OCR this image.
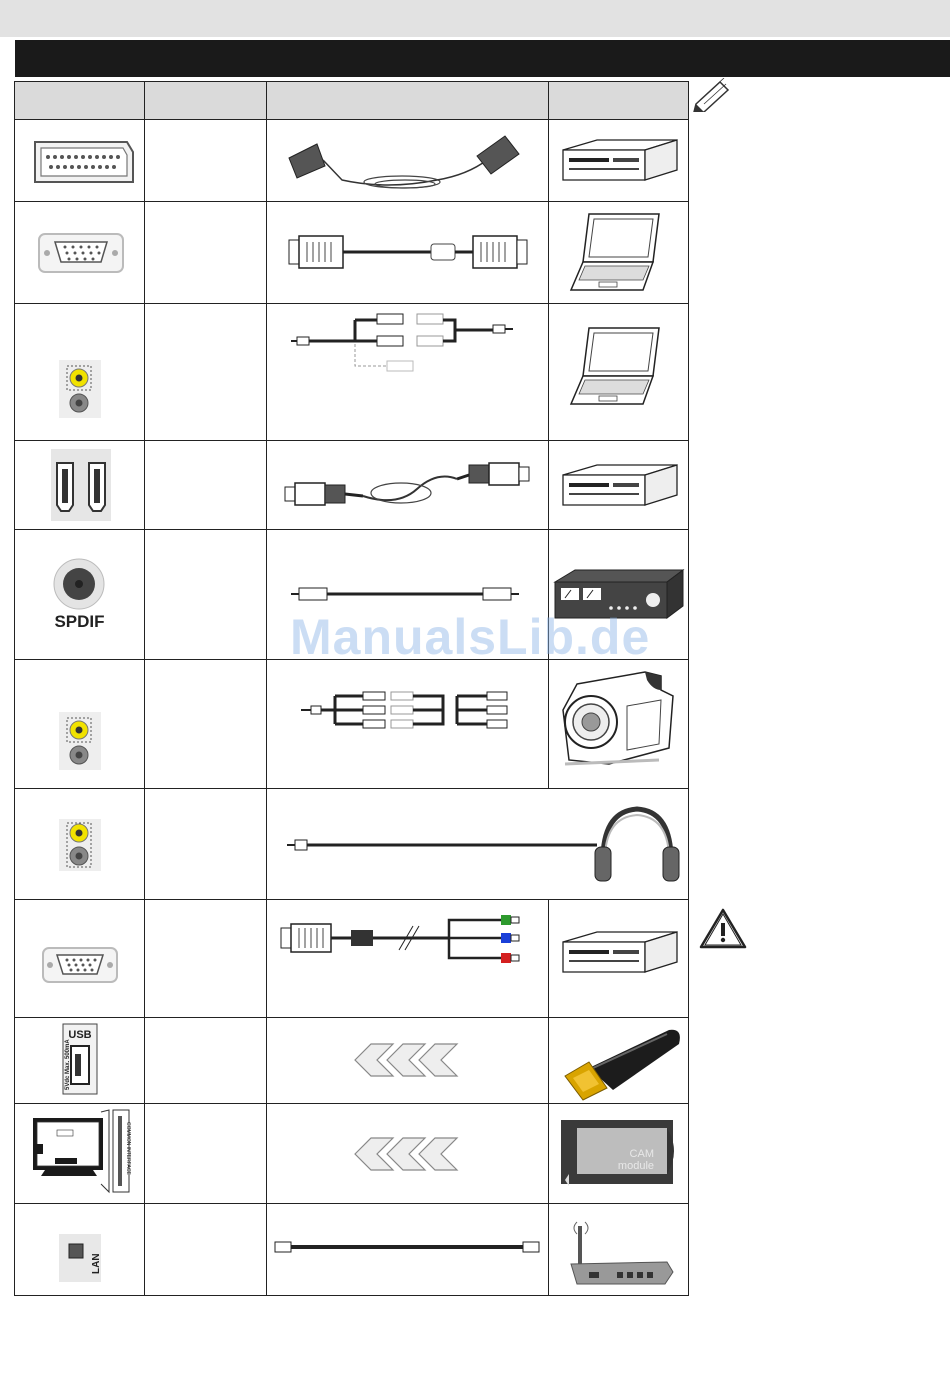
SPDIF

USB
5Vdc Max. 500mA

COMMON INTERFACE			CAM
module

LAN

ManualsLib.de
